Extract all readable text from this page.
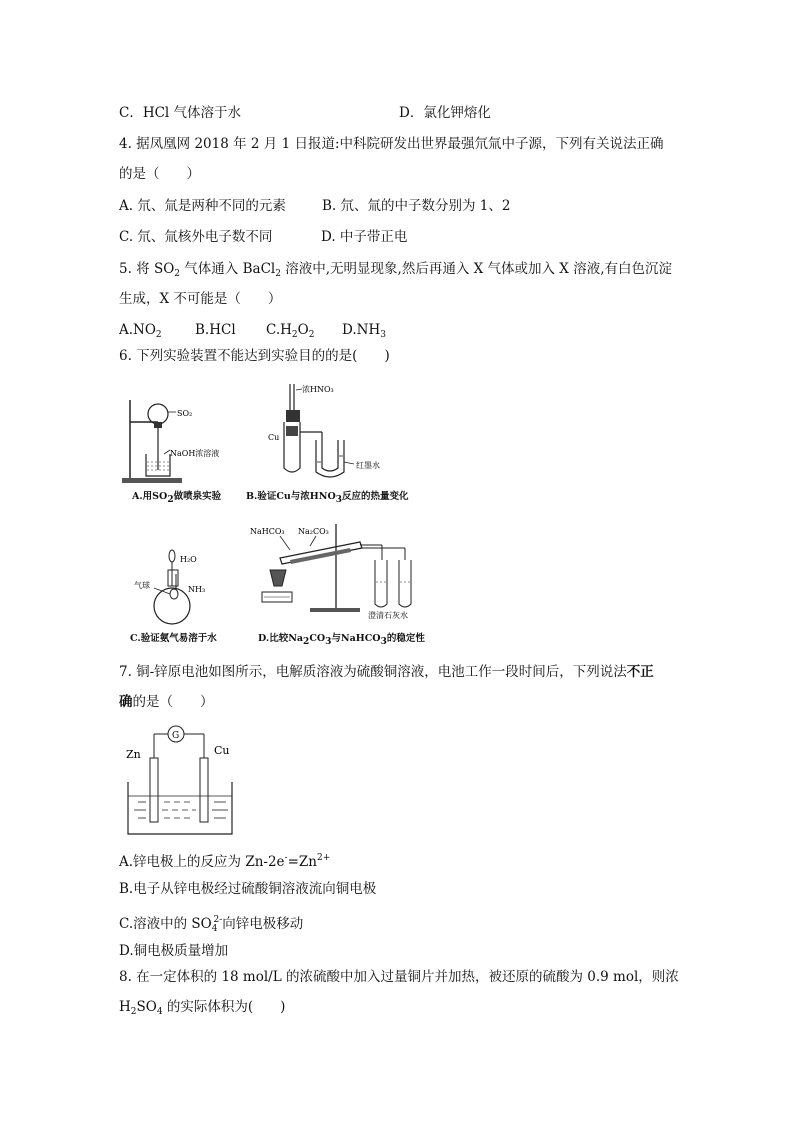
C．HCl 气体溶于水	D．氯化钾熔化
4. 据凤凰网 2018 年 2 月 1 日报道:中科院研发出世界最强氘氚中子源，下列有关说法正确
的是（　　）
A. 氘、氚是两种不同的元素	B. 氘、氚的中子数分别为 1、2
C. 氘、氚核外电子数不同	D. 中子带正电
5. 将 $SO_2$ 气体通入 BaCl$_2$ 溶液中,无明显现象,然后再通入 X 气体或加入 X 溶液,有白色沉淀
生成，X 不可能是（　　）
$A.NO_2$ B.HCl $C.H_2O_2$ $D.NH_3$
6. 下列实验装置不能达到实验目的的是(　　)
SO₂
NaOH浓溶液
A.用SO2做喷泉实验
浓HNO₃
Cu
红墨水
B.验证Cu与浓HNO3反应的热量变化
H₂O
气球	NH₃
C.验证氨气易溶于水
NaHCO₃ Na₂CO₃
澄清石灰水
D.比较Na2CO3与NaHCO3的稳定性
7. 铜-锌原电池如图所示，电解质溶液为硫酸铜溶液，电池工作一段时间后，下列说法不正
确的是（　　）
G
Zn	Cu
A.锌电极上的反应为 $Zn-2e^-=Zn^{2+}$
B.电子从锌电极经过硫酸铜溶液流向铜电极
C.溶液中的 $SO_4^{2-}$向锌电极移动
D.铜电极质量增加
8. 在一定体积的 18 mol/L 的浓硫酸中加入过量铜片并加热，被还原的硫酸为 0.9 mol，则浓
$H_2SO_4$ 的实际体积为(　　)
